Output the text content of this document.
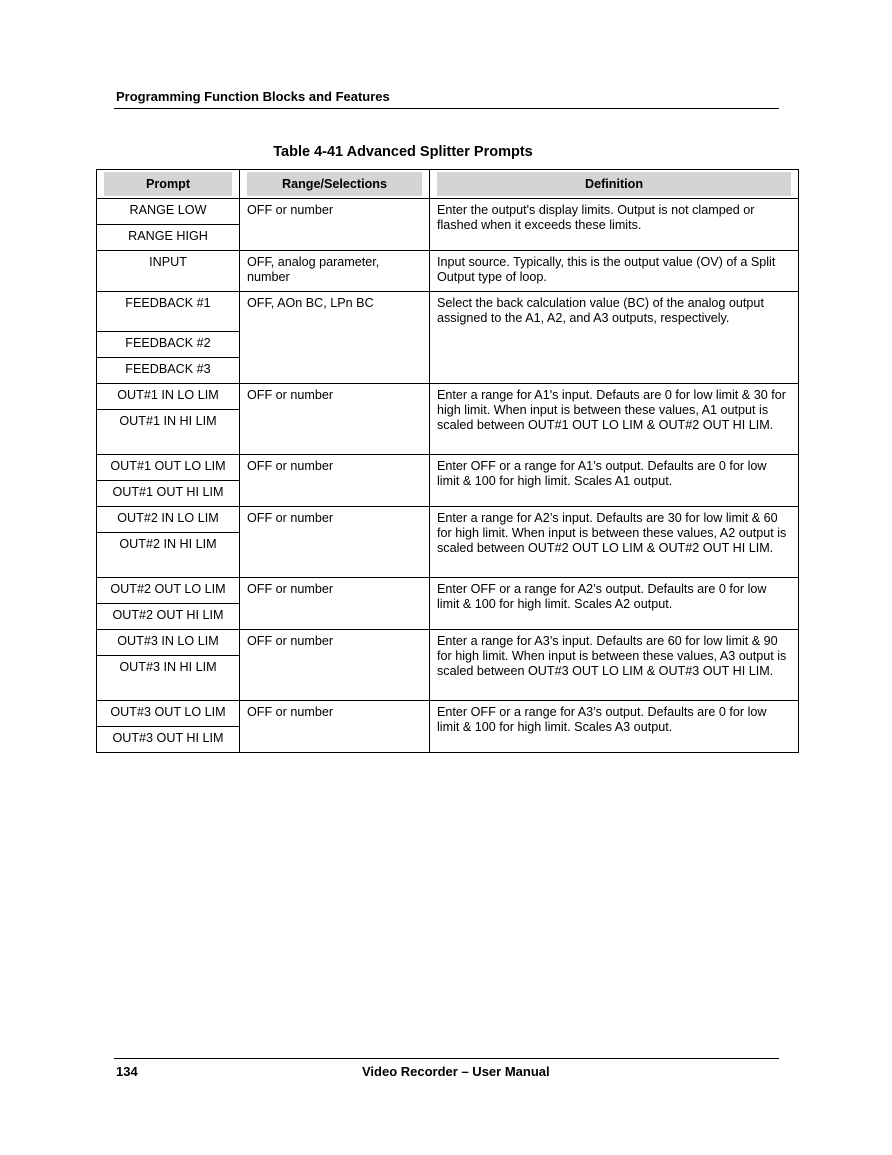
Programming Function Blocks and Features
Table 4-41 Advanced Splitter Prompts
Prompt	Range/Selections	Definition

RANGE LOW	OFF or number	Enter the output's display limits. Output is not clamped or flashed when it exceeds these limits.
RANGE HIGH		
INPUT	OFF, analog parameter, number	Input source. Typically, this is the output value (OV) of a Split Output type of loop.
FEEDBACK #1	OFF, AOn BC, LPn BC	Select the back calculation value (BC) of the analog output assigned to the A1, A2, and A3 outputs, respectively.
FEEDBACK #2		
FEEDBACK #3		
OUT#1 IN LO LIM	OFF or number	Enter a range for A1's input. Defauts are 0 for low limit & 30 for high limit. When input is between these values, A1 output is scaled between OUT#1 OUT LO LIM & OUT#2 OUT HI LIM.
OUT#1 IN HI LIM		
OUT#1 OUT LO LIM	OFF or number	Enter OFF or a range for A1’s output. Defaults are 0 for low limit & 100 for high limit. Scales A1 output.
OUT#1 OUT HI LIM		
OUT#2 IN LO LIM	OFF or number	Enter a range for A2’s input. Defaults are 30 for low limit & 60 for high limit. When input is between these values, A2 output is scaled between OUT#2 OUT LO LIM & OUT#2 OUT HI LIM.
OUT#2 IN HI LIM		
OUT#2 OUT LO LIM	OFF or number	Enter OFF or a range for A2’s output. Defaults are 0 for low limit & 100 for high limit. Scales A2 output.
OUT#2 OUT HI LIM		
OUT#3 IN LO LIM	OFF or number	Enter a range for A3’s input. Defaults are 60 for low limit & 90 for high limit. When input is between these values, A3 output is scaled between OUT#3 OUT LO LIM & OUT#3 OUT HI LIM.
OUT#3 IN HI LIM		
OUT#3 OUT LO LIM	OFF or number	Enter OFF or a range for A3’s output. Defaults are 0 for low limit & 100 for high limit. Scales A3 output.
OUT#3 OUT HI LIM		
134	Video Recorder – User Manual
